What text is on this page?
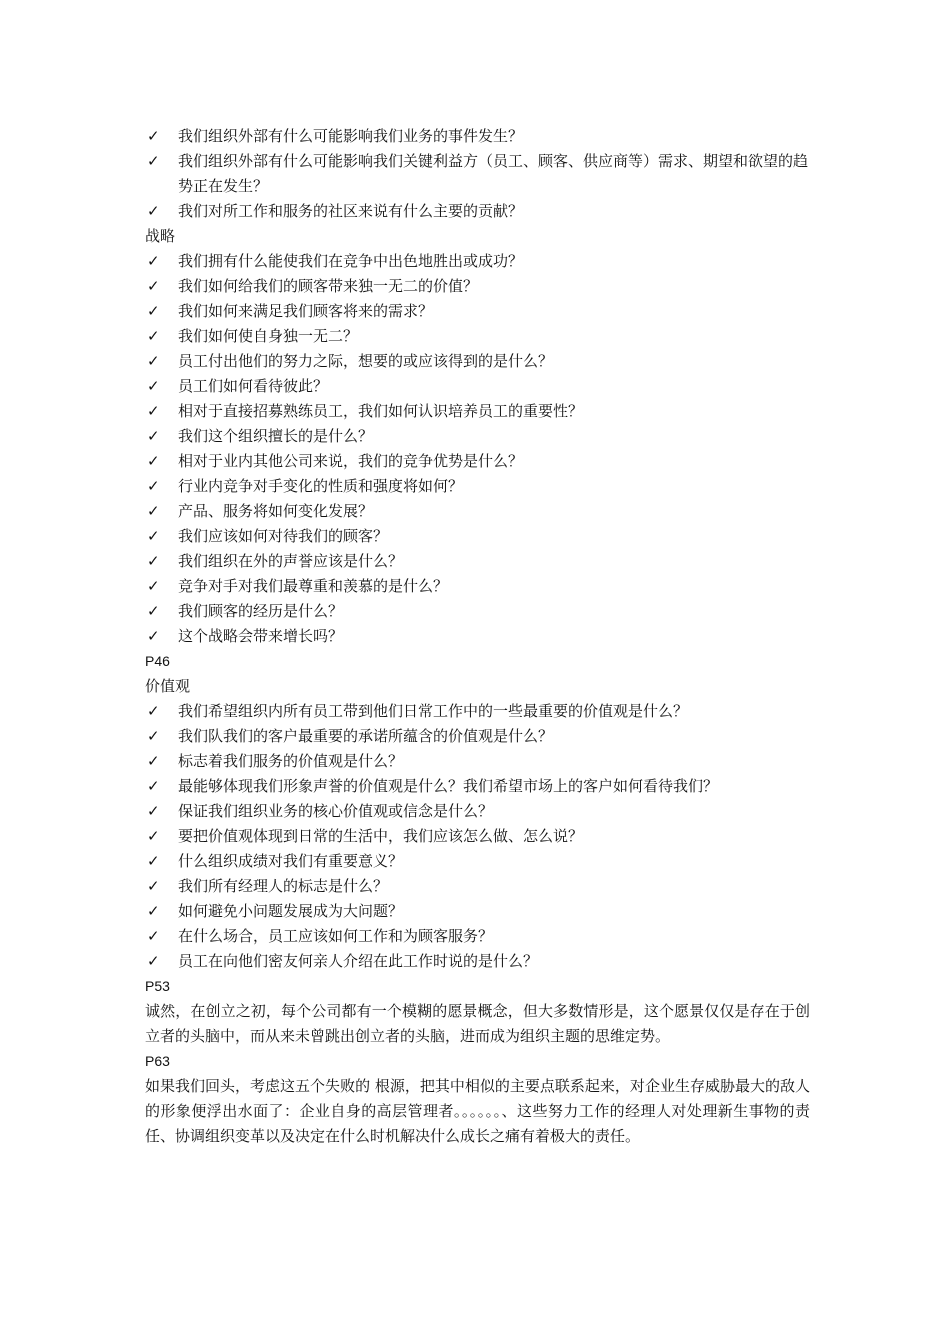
✓	我们组织外部有什么可能影响我们业务的事件发生？
✓	我们组织外部有什么可能影响我们关键利益方（员工、顾客、供应商等）需求、期望和欲望的趋势正在发生？
✓	我们对所工作和服务的社区来说有什么主要的贡献？
战略
✓	我们拥有什么能使我们在竞争中出色地胜出或成功？
✓	我们如何给我们的顾客带来独一无二的价值？
✓	我们如何来满足我们顾客将来的需求？
✓	我们如何使自身独一无二？
✓	员工付出他们的努力之际，想要的或应该得到的是什么？
✓	员工们如何看待彼此？
✓	相对于直接招募熟练员工，我们如何认识培养员工的重要性？
✓	我们这个组织擅长的是什么？
✓	相对于业内其他公司来说，我们的竞争优势是什么？
✓	行业内竞争对手变化的性质和强度将如何？
✓	产品、服务将如何变化发展？
✓	我们应该如何对待我们的顾客？
✓	我们组织在外的声誉应该是什么？
✓	竞争对手对我们最尊重和羡慕的是什么？
✓	我们顾客的经历是什么？
✓	这个战略会带来增长吗？
P46
价值观
✓	我们希望组织内所有员工带到他们日常工作中的一些最重要的价值观是什么？
✓	我们队我们的客户最重要的承诺所蕴含的价值观是什么？
✓	标志着我们服务的价值观是什么？
✓	最能够体现我们形象声誉的价值观是什么？我们希望市场上的客户如何看待我们？
✓	保证我们组织业务的核心价值观或信念是什么？
✓	要把价值观体现到日常的生活中，我们应该怎么做、怎么说？
✓	什么组织成绩对我们有重要意义？
✓	我们所有经理人的标志是什么？
✓	如何避免小问题发展成为大问题？
✓	在什么场合，员工应该如何工作和为顾客服务？
✓	员工在向他们密友何亲人介绍在此工作时说的是什么？
P53
诚然，在创立之初，每个公司都有一个模糊的愿景概念，但大多数情形是，这个愿景仅仅是存在于创立者的头脑中，而从来未曾跳出创立者的头脑，进而成为组织主题的思维定势。
P63
如果我们回头，考虑这五个失败的 根源，把其中相似的主要点联系起来，对企业生存威胁最大的敌人的形象便浮出水面了：企业自身的高层管理者。。。。。。、这些努力工作的经理人对处理新生事物的责任、协调组织变革以及决定在什么时机解决什么成长之痛有着极大的责任。
